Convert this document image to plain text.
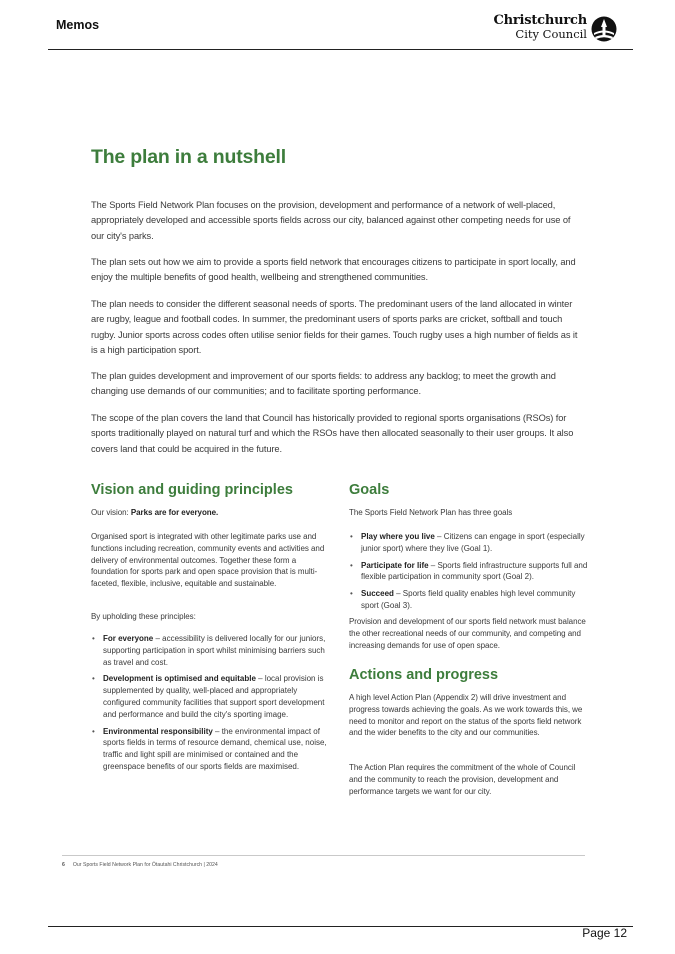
Memos	Christchurch
City Council
The plan in a nutshell

The Sports Field Network Plan focuses on the provision, development and performance of a network of well-placed, appropriately developed and accessible sports fields across our city, balanced against other competing needs for use of our city's parks.

The plan sets out how we aim to provide a sports field network that encourages citizens to participate in sport locally, and enjoy the multiple benefits of good health, wellbeing and strengthened communities.

The plan needs to consider the different seasonal needs of sports. The predominant users of the land allocated in winter are rugby, league and football codes. In summer, the predominant users of sports parks are cricket, softball and touch rugby. Junior sports across codes often utilise senior fields for their games. Touch rugby uses a high number of fields as it is a high participation sport.

The plan guides development and improvement of our sports fields: to address any backlog; to meet the growth and changing use demands of our communities; and to facilitate sporting performance.

The scope of the plan covers the land that Council has historically provided to regional sports organisations (RSOs) for sports traditionally played on natural turf and which the RSOs have then allocated seasonally to their user groups. It also covers land that could be acquired in the future.

Vision and guiding principles
Our vision: Parks are for everyone.
Organised sport is integrated with other legitimate parks use and functions including recreation, community events and activities and delivery of environmental outcomes. Together these form a foundation for sports park and open space provision that is multi-faceted, flexible, inclusive, equitable and sustainable.
By upholding these principles:
• For everyone – accessibility is delivered locally for our juniors, supporting participation in sport whilst minimising barriers such as travel and cost.
• Development is optimised and equitable – local provision is supplemented by quality, well-placed and appropriately configured community facilities that support sport development and performance and build the city's sporting image.
• Environmental responsibility – the environmental impact of sports fields in terms of resource demand, chemical use, noise, traffic and light spill are minimised or contained and the greenspace benefits of our sports fields are maximised.
Goals
The Sports Field Network Plan has three goals
• Play where you live – Citizens can engage in sport (especially junior sport) where they live (Goal 1).
• Participate for life – Sports field infrastructure supports full and flexible participation in community sport (Goal 2).
• Succeed – Sports field quality enables high level community sport (Goal 3).
Provision and development of our sports field network must balance the other recreational needs of our community, and competing and increasing demands for use of open space.
Actions and progress
A high level Action Plan (Appendix 2) will drive investment and progress towards achieving the goals. As we work towards this, we need to monitor and report on the status of the sports field network and the wider benefits to the city and our communities.
The Action Plan requires the commitment of the whole of Council and the community to reach the provision, development and performance targets we want for our city.
6 Our Sports Field Network Plan for Ōtautahi Christchurch | 2024
Page 12
